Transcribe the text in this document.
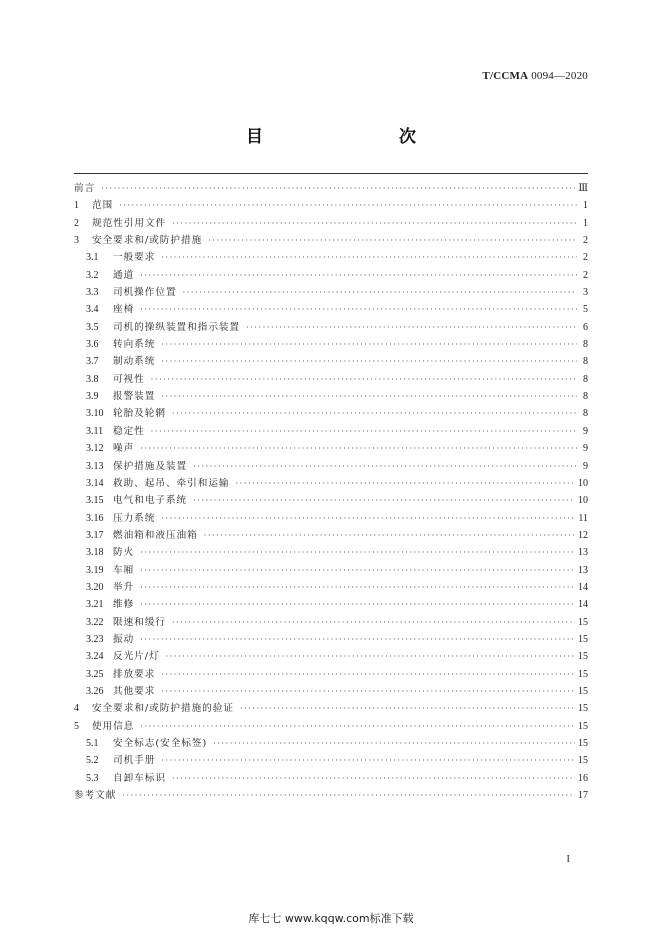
T/CCMA 0094—2020
目　　次
前言 ·····	Ⅲ
1	范围 ·····	1
2	规范性引用文件 ·····	1
3	安全要求和/或防护措施 ·····	2
3.1	一般要求 ·····	2
3.2	通道 ·····	2
3.3	司机操作位置 ·····	3
3.4	座椅 ·····	5
3.5	司机的操纵装置和指示装置 ·····	6
3.6	转向系统 ·····	8
3.7	制动系统 ·····	8
3.8	可视性 ·····	8
3.9	报警装置 ·····	8
3.10 轮胎及轮辋 ·····	8
3.11	稳定性 ·····	9
3.12 噪声 ·····	9
3.13 保护措施及装置 ·····	9
3.14 救助、起吊、牵引和运输 ·····	10
3.15 电气和电子系统 ·····	10
3.16 压力系统 ·····	11
3.17 燃油箱和液压油箱 ·····	12
3.18 防火 ·····	13
3.19 车厢 ·····	13
3.20 举升 ·····	14
3.21 维修 ·····	14
3.22 限速和缓行 ·····	15
3.23 振动 ·····	15
3.24 反光片/灯 ·····	15
3.25 排放要求 ·····	15
3.26 其他要求 ·····	15
4	安全要求和/或防护措施的验证 ·····	15
5	使用信息 ·····	15
5.1	安全标志(安全标签) ·····	15
5.2	司机手册 ·····	15
5.3	自卸车标识 ·····	16
参考文献 ·····	17
I
库七七 www.kqqw.com标准下载
